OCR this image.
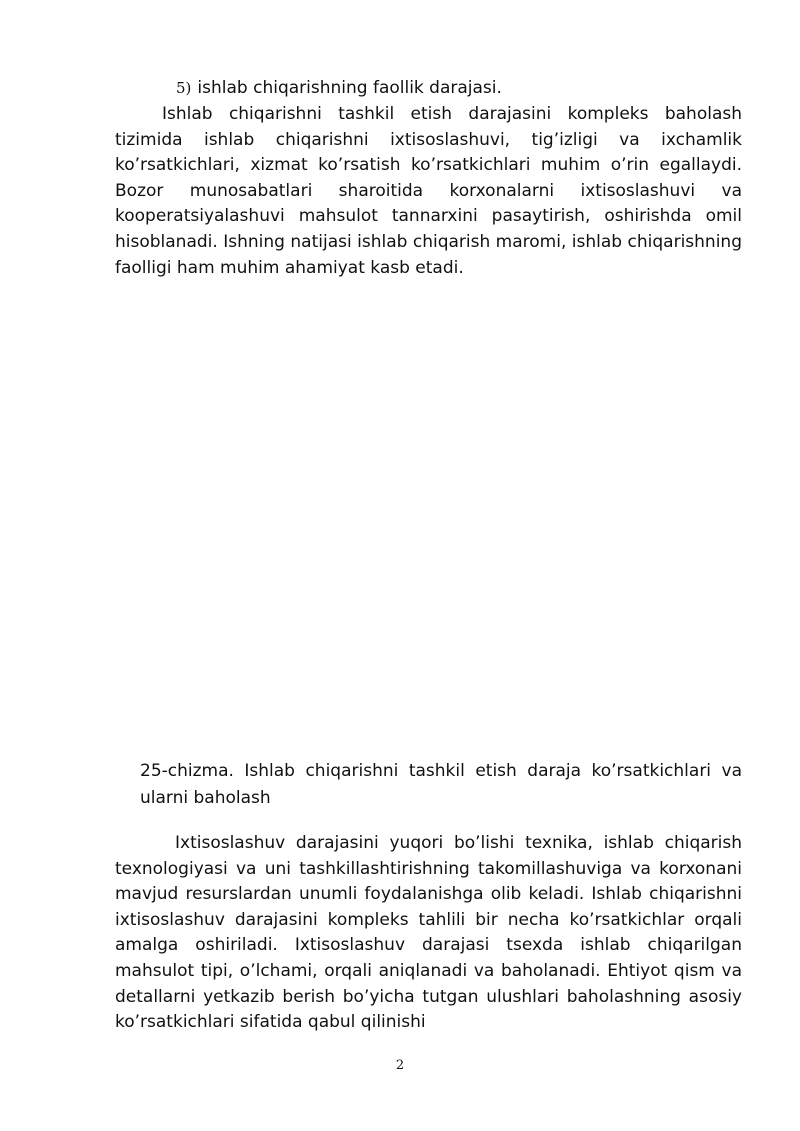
5) ishlab chiqarishning faollik darajasi.

Ishlab chiqarishni tashkil etish darajasini kompleks baholash tizimida ishlab chiqarishni ixtisoslashuvi, tig’izligi va ixchamlik ko’rsatkichlari, xizmat ko’rsatish ko’rsatkichlari muhim o’rin egallaydi. Bozor munosabatlari sharoitida korxonalarni ixtisoslashuvi va kooperatsiyalashuvi mahsulot tannarxini pasaytirish, oshirishda omil hisoblanadi. Ishning natijasi ishlab chiqarish maromi, ishlab chiqarishning faolligi ham muhim ahamiyat kasb etadi.

25-chizma. Ishlab chiqarishni tashkil etish daraja ko’rsatkichlari va ularni baholash

Ixtisoslashuv darajasini yuqori bo’lishi texnika, ishlab chiqarish texnologiyasi va uni tashkillashtirishning takomillashuviga va korxonani mavjud resurslardan unumli foydalanishga olib keladi. Ishlab chiqarishni ixtisoslashuv darajasini kompleks tahlili bir necha ko’rsatkichlar orqali amalga oshiriladi. Ixtisoslashuv darajasi tsexda ishlab chiqarilgan mahsulot tipi, o’lchami, orqali aniqlanadi va baholanadi. Ehtiyot qism va detallarni yetkazib berish bo’yicha tutgan ulushlari baholashning asosiy ko’rsatkichlari sifatida qabul qilinishi

2
